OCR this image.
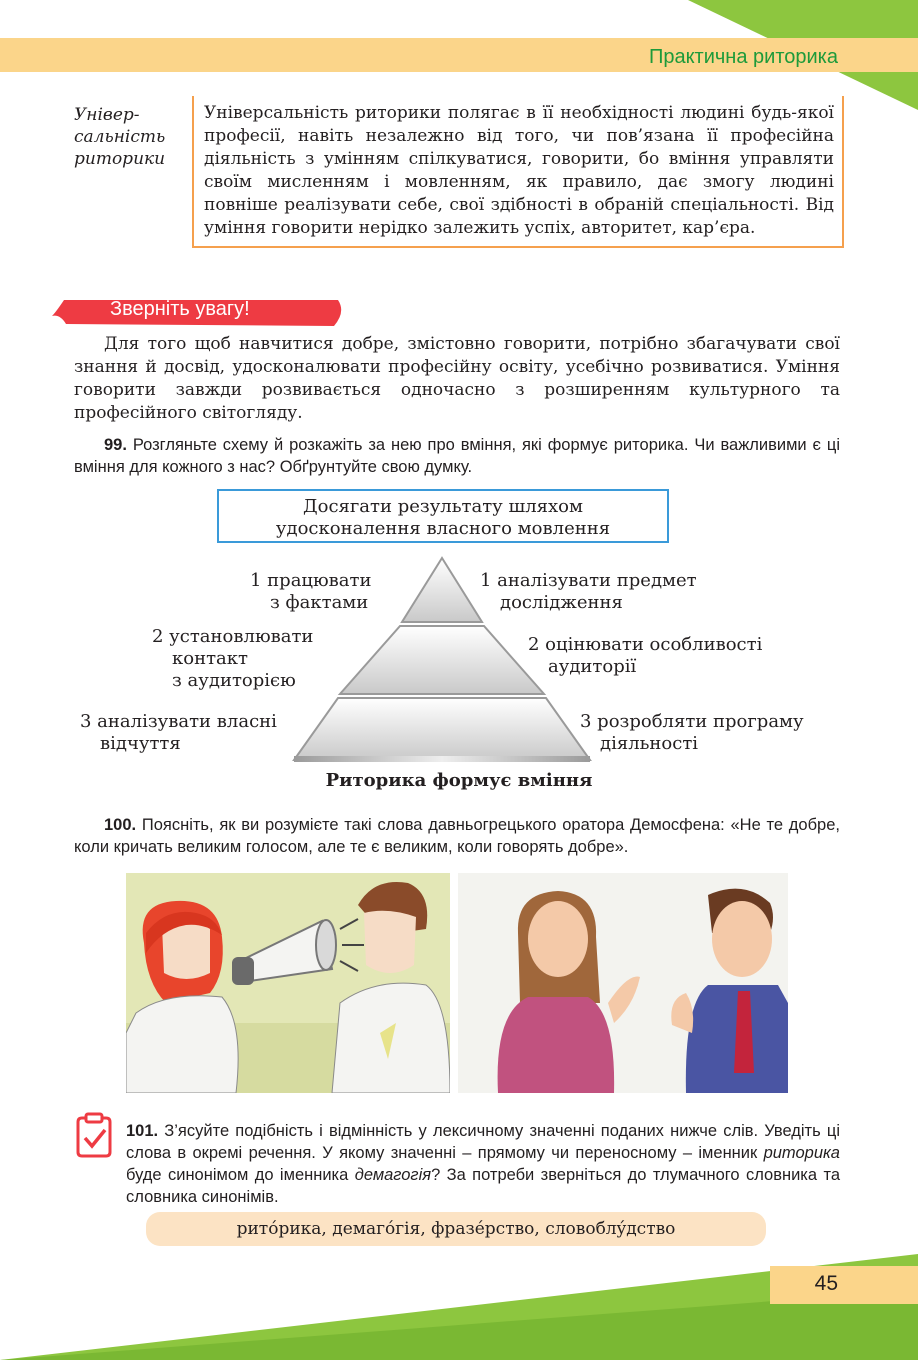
Практична риторика
Універ-
сальність
риторики
Універсальність риторики полягає в її необхідності людині будь-якої професії, навіть незалежно від того, чи пов’язана її професійна діяльність з умінням спілкуватися, говорити, бо вміння управляти своїм мисленням і мовленням, як правило, дає змогу людині повніше реалізувати себе, свої здібності в обраній спеціальності. Від уміння говорити нерідко залежить успіх, авторитет, кар’єра.
Зверніть увагу!
Для того щоб навчитися добре, змістовно говорити, потрібно збагачувати свої знання й досвід, удосконалювати професійну освіту, усебічно розвиватися. Уміння говорити завжди розвивається одночасно з розширенням культурного та професійного світогляду.
99. Розгляньте схему й розкажіть за нею про вміння, які формує риторика. Чи важливими є ці вміння для кожного з нас? Обґрунтуйте свою думку.
Досягати результату шляхом
удосконалення власного мовлення
1 працювати
з фактами
2 установлювати
контакт
з аудиторією
3 аналізувати власні
відчуття
1 аналізувати предмет
дослідження
2 оцінювати особливості
аудиторії
3 розробляти програму
діяльності
Риторика формує вміння
100. Поясніть, як ви розумієте такі слова давньогрецького оратора Демосфена: «Не те добре, коли кричать великим голосом, але те є великим, коли говорять добре».
101. З’ясуйте подібність і відмінність у лексичному значенні поданих нижче слів. Уведіть ці слова в окремі речення. У якому значенні – прямому чи переносному – іменник риторика буде синонімом до іменника демагогія? За потреби зверніться до тлумачного словника та словника синонімів.
ритóрика, демагóгія, фразéрство, словоблýдство
45
